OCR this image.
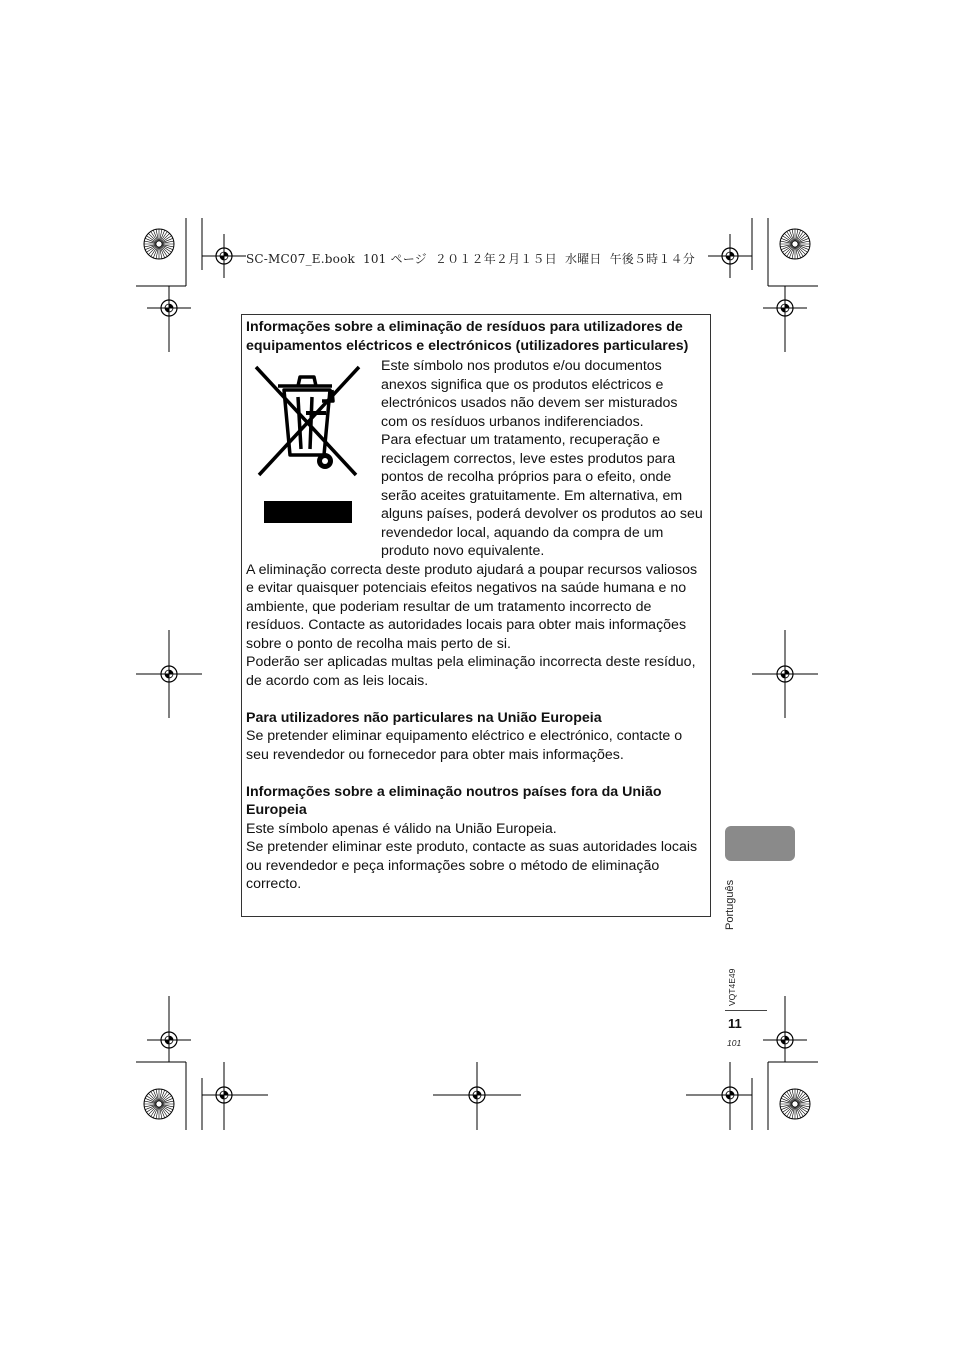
SC-MC07_E.book  101 ページ  ２０１２年２月１５日  水曜日  午後５時１４分

Informações sobre a eliminação de resíduos para utilizadores de equipamentos eléctricos e electrónicos (utilizadores particulares)

Este símbolo nos produtos e/ou documentos anexos significa que os produtos eléctricos e electrónicos usados não devem ser misturados com os resíduos urbanos indiferenciados.

Para efectuar um tratamento, recuperação e reciclagem correctos, leve estes produtos para pontos de recolha próprios para o efeito, onde serão aceites gratuitamente. Em alternativa, em alguns países, poderá devolver os produtos ao seu revendedor local, aquando da compra de um produto novo equivalente.

A eliminação correcta deste produto ajudará a poupar recursos valiosos e evitar quaisquer potenciais efeitos negativos na saúde humana e no ambiente, que poderiam resultar de um tratamento incorrecto de resíduos. Contacte as autoridades locais para obter mais informações sobre o ponto de recolha mais perto de si.

Poderão ser aplicadas multas pela eliminação incorrecta deste resíduo, de acordo com as leis locais.

Para utilizadores não particulares na União Europeia

Se pretender eliminar equipamento eléctrico e electrónico, contacte o seu revendedor ou fornecedor para obter mais informações.

Informações sobre a eliminação noutros países fora da União Europeia

Este símbolo apenas é válido na União Europeia.

Se pretender eliminar este produto, contacte as suas autoridades locais ou revendedor e peça informações sobre o método de eliminação correcto.	Português
VQT4E49
11
101
